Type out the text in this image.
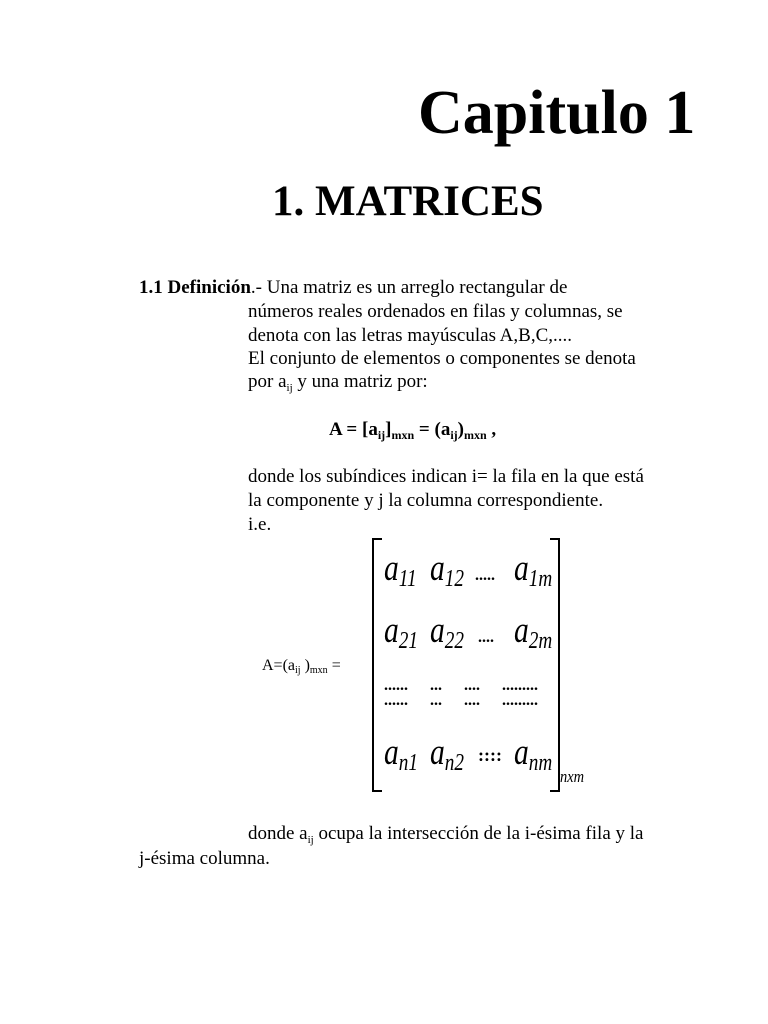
Capitulo 1
1. MATRICES
1.1 Definición.- Una matriz es un arreglo rectangular de
números reales ordenados en filas y columnas, se
denota con las letras mayúsculas A,B,C,....
El conjunto de elementos o componentes se denota
por $a_{ij}$ y una matriz por:
$A = [a_{ij}]_{mxn} = (a_{ij})_{mxn}$ ,
donde los subíndices indican i= la fila en la que está
la componente y j la columna correspondiente.
i.e.
A=(aij )mxn =
a11 a12 ..... a1m
a21 a22 .... a2m
...... ... .... .........
...... ... .... .........
an1 an2 :::: anm
nxm
donde $a_{ij}$ ocupa la intersección de la i-ésima fila y la
j-ésima columna.
